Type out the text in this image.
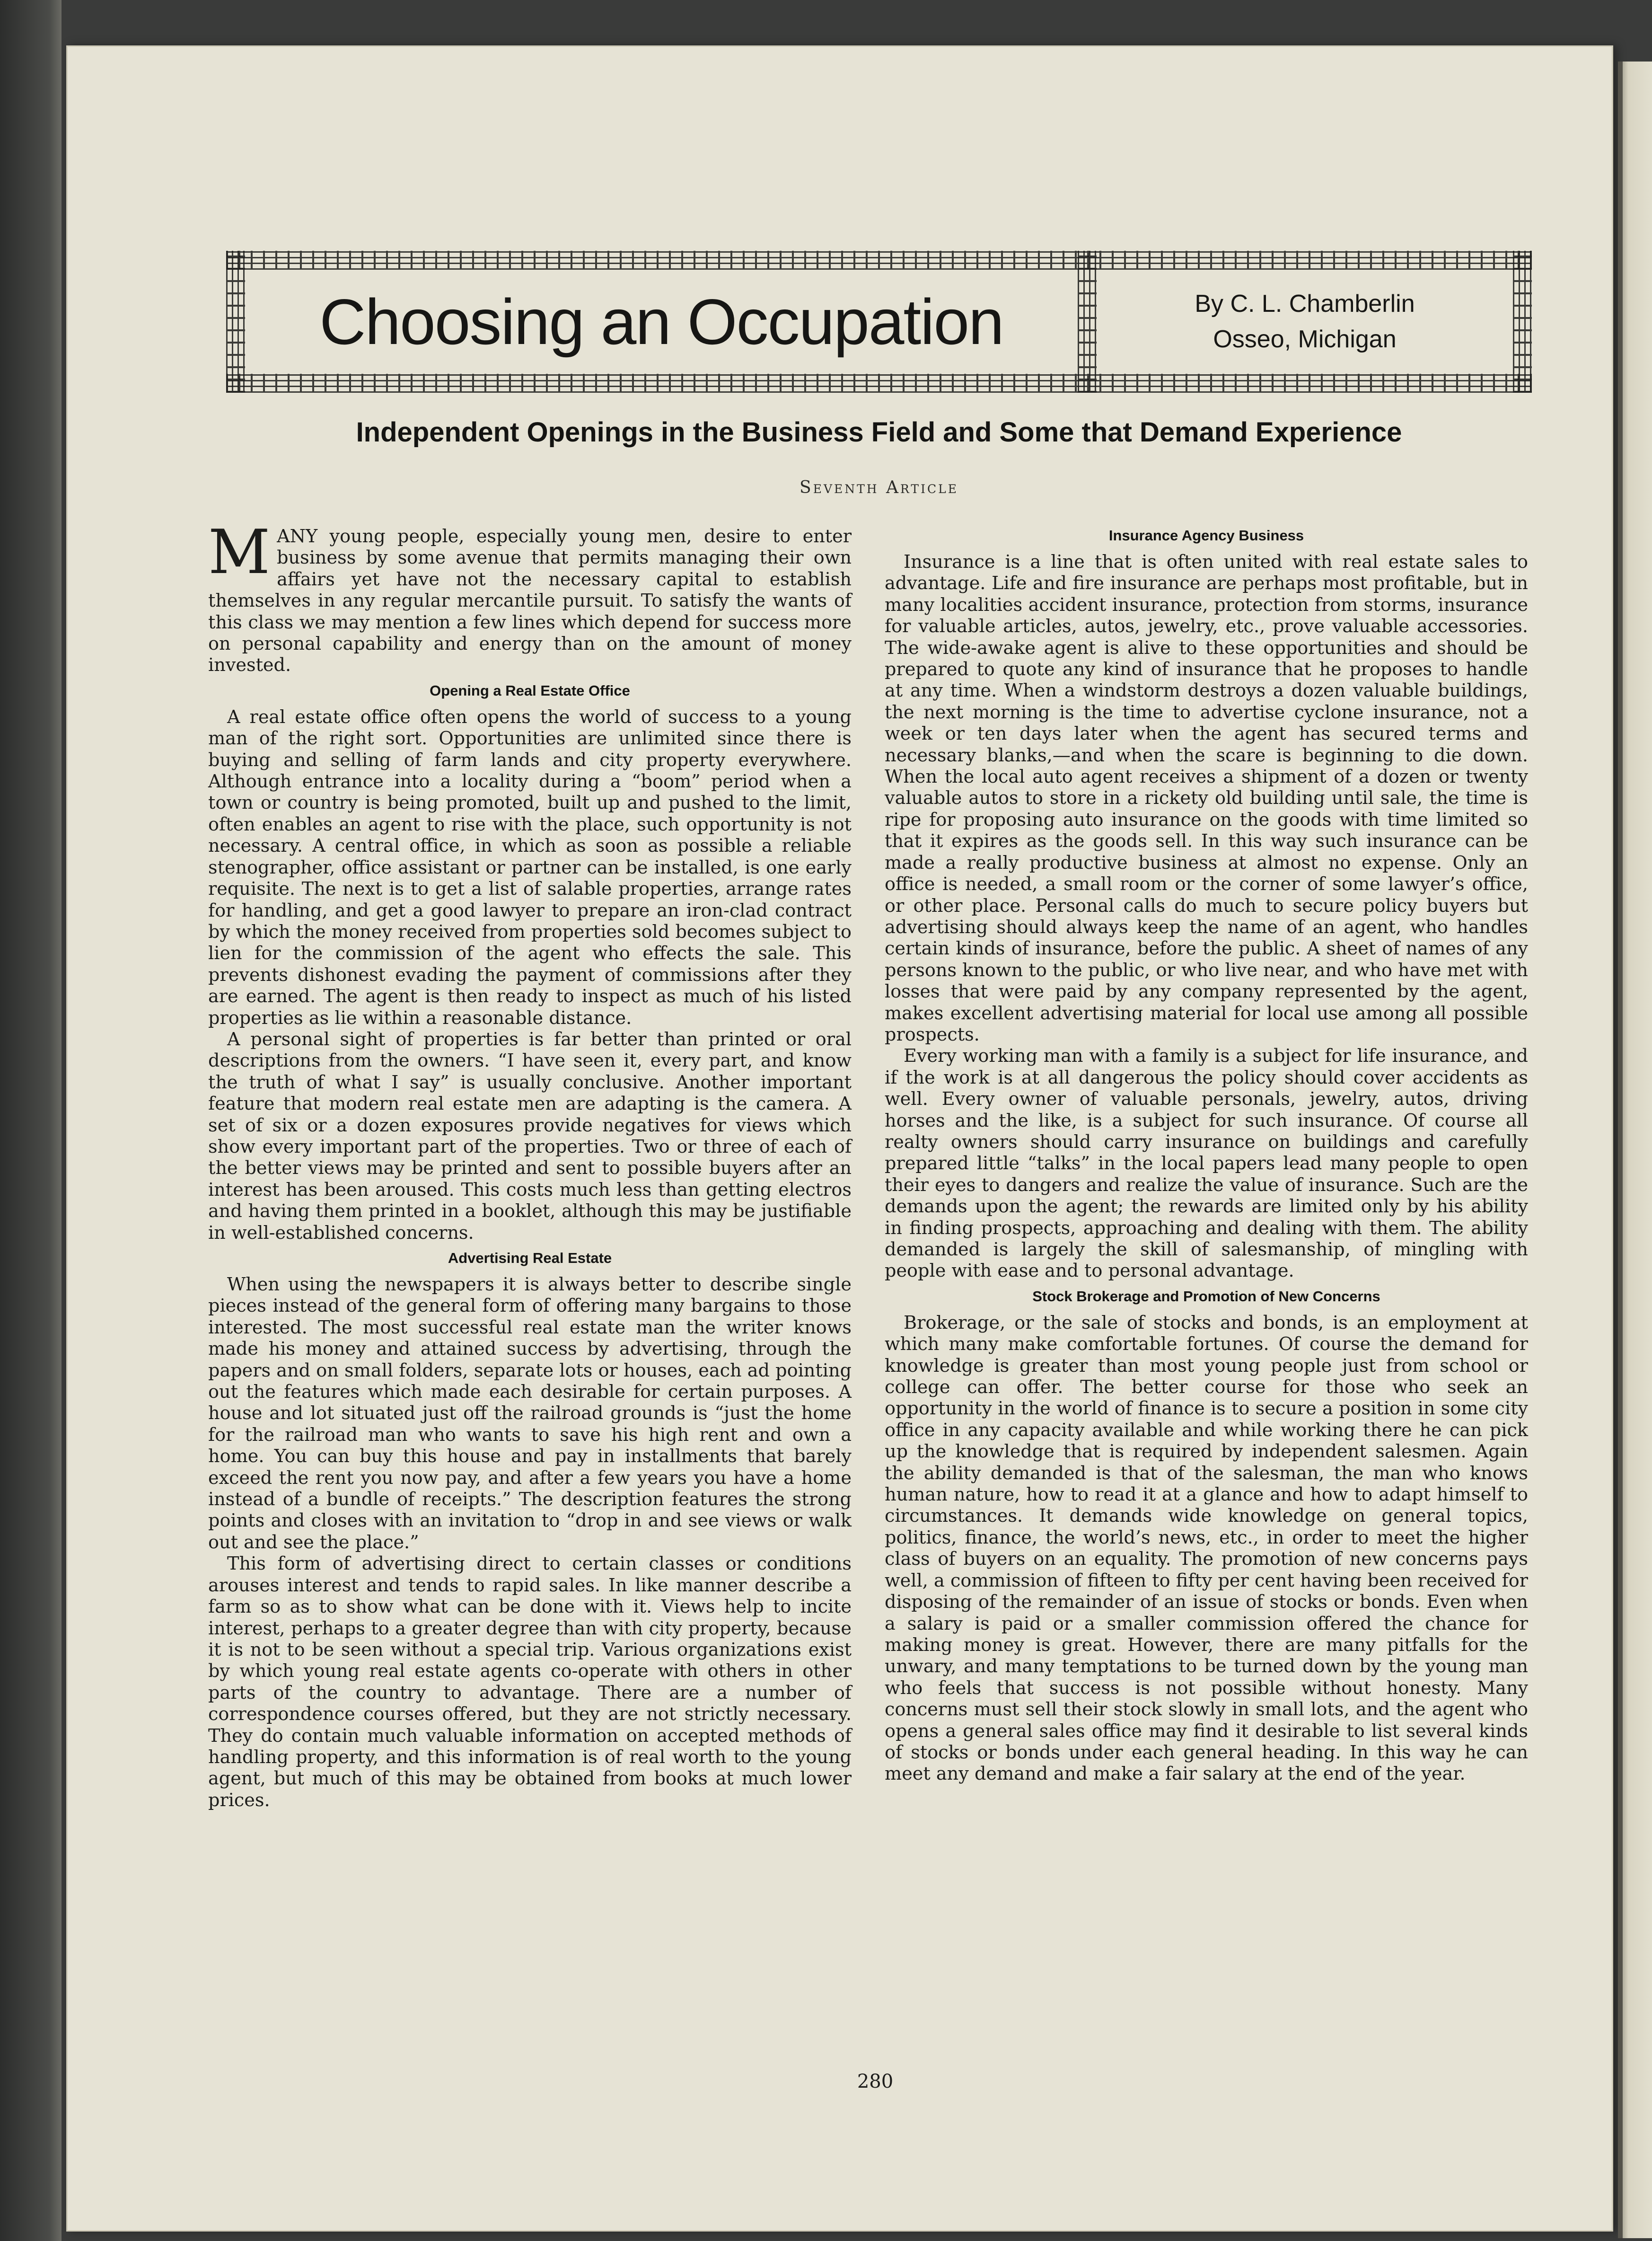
Choosing an Occupation	By C. L. Chamberlin
Osseo, Michigan
Independent Openings in the Business Field and Some that Demand Experience
Seventh Article

MANY young people, especially young men, desire to enter business by some avenue that permits managing their own affairs yet have not the necessary capital to establish themselves in any regular mercantile pursuit. To satisfy the wants of this class we may mention a few lines which depend for success more on personal capability and energy than on the amount of money invested.

Opening a Real Estate Office

A real estate office often opens the world of success to a young man of the right sort. Opportunities are unlimited since there is buying and selling of farm lands and city property everywhere. Although entrance into a locality during a “boom” period when a town or country is being promoted, built up and pushed to the limit, often enables an agent to rise with the place, such opportunity is not necessary. A central office, in which as soon as possible a reliable stenographer, office assistant or partner can be installed, is one early requisite. The next is to get a list of salable properties, arrange rates for handling, and get a good lawyer to prepare an iron-clad contract by which the money received from properties sold becomes subject to lien for the commission of the agent who effects the sale. This prevents dishonest evading the payment of commissions after they are earned. The agent is then ready to inspect as much of his listed properties as lie within a reasonable distance.

A personal sight of properties is far better than printed or oral descriptions from the owners. “I have seen it, every part, and know the truth of what I say” is usually conclusive. Another important feature that modern real estate men are adapting is the camera. A set of six or a dozen exposures provide negatives for views which show every important part of the properties. Two or three of each of the better views may be printed and sent to possible buyers after an interest has been aroused. This costs much less than getting electros and having them printed in a booklet, although this may be justifiable in well-established concerns.

Advertising Real Estate

When using the newspapers it is always better to describe single pieces instead of the general form of offering many bargains to those interested. The most successful real estate man the writer knows made his money and attained success by advertising, through the papers and on small folders, separate lots or houses, each ad pointing out the features which made each desirable for certain purposes. A house and lot situated just off the railroad grounds is “just the home for the railroad man who wants to save his high rent and own a home. You can buy this house and pay in installments that barely exceed the rent you now pay, and after a few years you have a home instead of a bundle of receipts.” The description features the strong points and closes with an invitation to “drop in and see views or walk out and see the place.”

This form of advertising direct to certain classes or conditions arouses interest and tends to rapid sales. In like manner describe a farm so as to show what can be done with it. Views help to incite interest, perhaps to a greater degree than with city property, because it is not to be seen without a special trip. Various organizations exist by which young real estate agents co-operate with others in other parts of the country to advantage. There are a number of correspondence courses offered, but they are not strictly necessary. They do contain much valuable information on accepted methods of handling property, and this information is of real worth to the young agent, but much of this may be obtained from books at much lower prices.

Insurance Agency Business

Insurance is a line that is often united with real estate sales to advantage. Life and fire insurance are perhaps most profitable, but in many localities accident insurance, protection from storms, insurance for valuable articles, autos, jewelry, etc., prove valuable accessories. The wide-awake agent is alive to these opportunities and should be prepared to quote any kind of insurance that he proposes to handle at any time. When a windstorm destroys a dozen valuable buildings, the next morning is the time to advertise cyclone insurance, not a week or ten days later when the agent has secured terms and necessary blanks,—and when the scare is beginning to die down. When the local auto agent receives a shipment of a dozen or twenty valuable autos to store in a rickety old building until sale, the time is ripe for proposing auto insurance on the goods with time limited so that it expires as the goods sell. In this way such insurance can be made a really productive business at almost no expense. Only an office is needed, a small room or the corner of some lawyer’s office, or other place. Personal calls do much to secure policy buyers but advertising should always keep the name of an agent, who handles certain kinds of insurance, before the public. A sheet of names of any persons known to the public, or who live near, and who have met with losses that were paid by any company represented by the agent, makes excellent advertising material for local use among all possible prospects.

Every working man with a family is a subject for life insurance, and if the work is at all dangerous the policy should cover accidents as well. Every owner of valuable personals, jewelry, autos, driving horses and the like, is a subject for such insurance. Of course all realty owners should carry insurance on buildings and carefully prepared little “talks” in the local papers lead many people to open their eyes to dangers and realize the value of insurance. Such are the demands upon the agent; the rewards are limited only by his ability in finding prospects, approaching and dealing with them. The ability demanded is largely the skill of salesmanship, of mingling with people with ease and to personal advantage.

Stock Brokerage and Promotion of New Concerns

Brokerage, or the sale of stocks and bonds, is an employment at which many make comfortable fortunes. Of course the demand for knowledge is greater than most young people just from school or college can offer. The better course for those who seek an opportunity in the world of finance is to secure a position in some city office in any capacity available and while working there he can pick up the knowledge that is required by independent salesmen. Again the ability demanded is that of the salesman, the man who knows human nature, how to read it at a glance and how to adapt himself to circumstances. It demands wide knowledge on general topics, politics, finance, the world’s news, etc., in order to meet the higher class of buyers on an equality. The promotion of new concerns pays well, a commission of fifteen to fifty per cent having been received for disposing of the remainder of an issue of stocks or bonds. Even when a salary is paid or a smaller commission offered the chance for making money is great. However, there are many pitfalls for the unwary, and many temptations to be turned down by the young man who feels that success is not possible without honesty. Many concerns must sell their stock slowly in small lots, and the agent who opens a general sales office may find it desirable to list several kinds of stocks or bonds under each general heading. In this way he can meet any demand and make a fair salary at the end of the year.

280
